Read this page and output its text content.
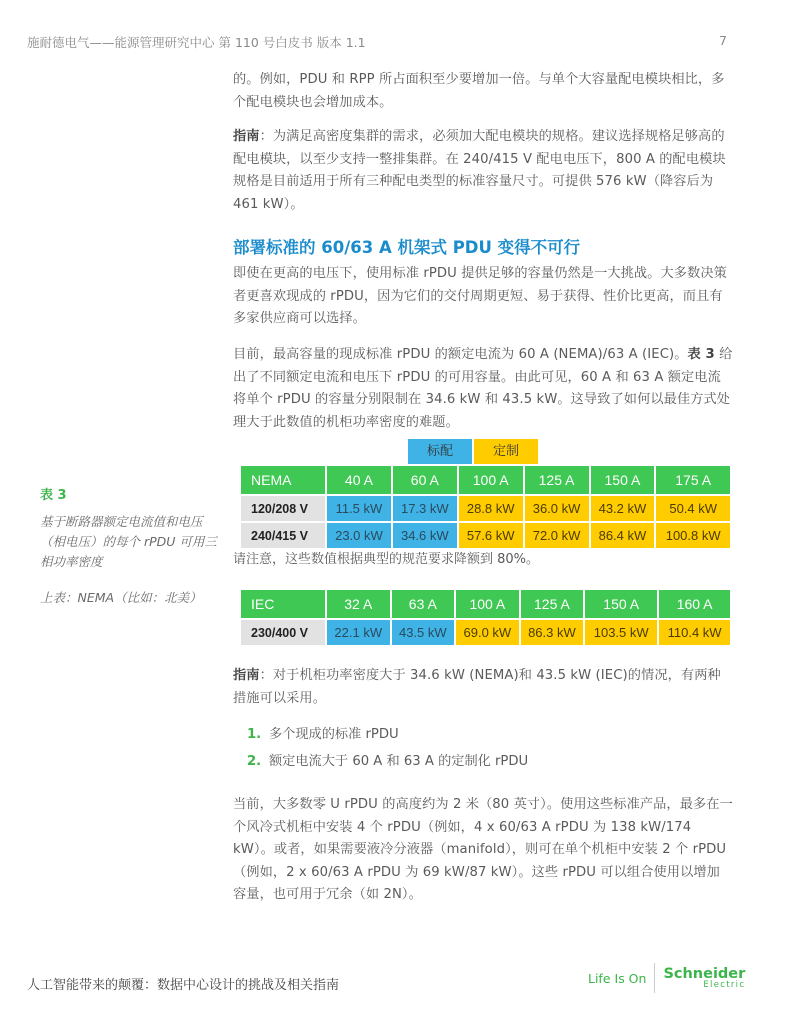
施耐德电气——能源管理研究中心 第 110 号白皮书 版本 1.1	7

的。例如，PDU 和 RPP 所占面积至少要增加一倍。与单个大容量配电模块相比，多个配电模块也会增加成本。

指南：为满足高密度集群的需求，必须加大配电模块的规格。建议选择规格足够高的配电模块，以至少支持一整排集群。在 240/415 V 配电电压下，800 A 的配电模块规格是目前适用于所有三种配电类型的标准容量尺寸。可提供 576 kW（降容后为 461 kW）。

部署标准的 60/63 A 机架式 PDU 变得不可行

即使在更高的电压下，使用标准 rPDU 提供足够的容量仍然是一大挑战。大多数决策者更喜欢现成的 rPDU，因为它们的交付周期更短、易于获得、性价比更高，而且有多家供应商可以选择。

目前，最高容量的现成标准 rPDU 的额定电流为 60 A (NEMA)/63 A (IEC)。表 3 给出了不同额定电流和电压下 rPDU 的可用容量。由此可见，60 A 和 63 A 额定电流将单个 rPDU 的容量分别限制在 34.6 kW 和 43.5 kW。这导致了如何以最佳方式处理大于此数值的机柜功率密度的难题。

表 3
基于断路器额定电流值和电压（相电压）的每个 rPDU 可用三相功率密度
上表：NEMA（比如：北美）
标配	定制
NEMA	40 A	60 A	100 A	125 A	150 A	175 A
120/208 V	11.5 kW	17.3 kW	28.8 kW	36.0 kW	43.2 kW	50.4 kW
240/415 V	23.0 kW	34.6 kW	57.6 kW	72.0 kW	86.4 kW	100.8 kW
请注意，这些数值根据典型的规范要求降额到 80%。
IEC	32 A	63 A	100 A	125 A	150 A	160 A
230/400 V	22.1 kW	43.5 kW	69.0 kW	86.3 kW	103.5 kW	110.4 kW

指南：对于机柜功率密度大于 34.6 kW (NEMA)和 43.5 kW (IEC)的情况，有两种措施可以采用。

1. 多个现成的标准 rPDU
2. 额定电流大于 60 A 和 63 A 的定制化 rPDU

当前，大多数零 U rPDU 的高度约为 2 米（80 英寸）。使用这些标准产品，最多在一个风冷式机柜中安装 4 个 rPDU（例如，4 x 60/63 A rPDU 为 138 kW/174 kW）。或者，如果需要液冷分液器（manifold），则可在单个机柜中安装 2 个 rPDU（例如，2 x 60/63 A rPDU 为 69 kW/87 kW）。这些 rPDU 可以组合使用以增加容量，也可用于冗余（如 2N）。

人工智能带来的颠覆：数据中心设计的挑战及相关指南	Life Is On Schneider
Electric
